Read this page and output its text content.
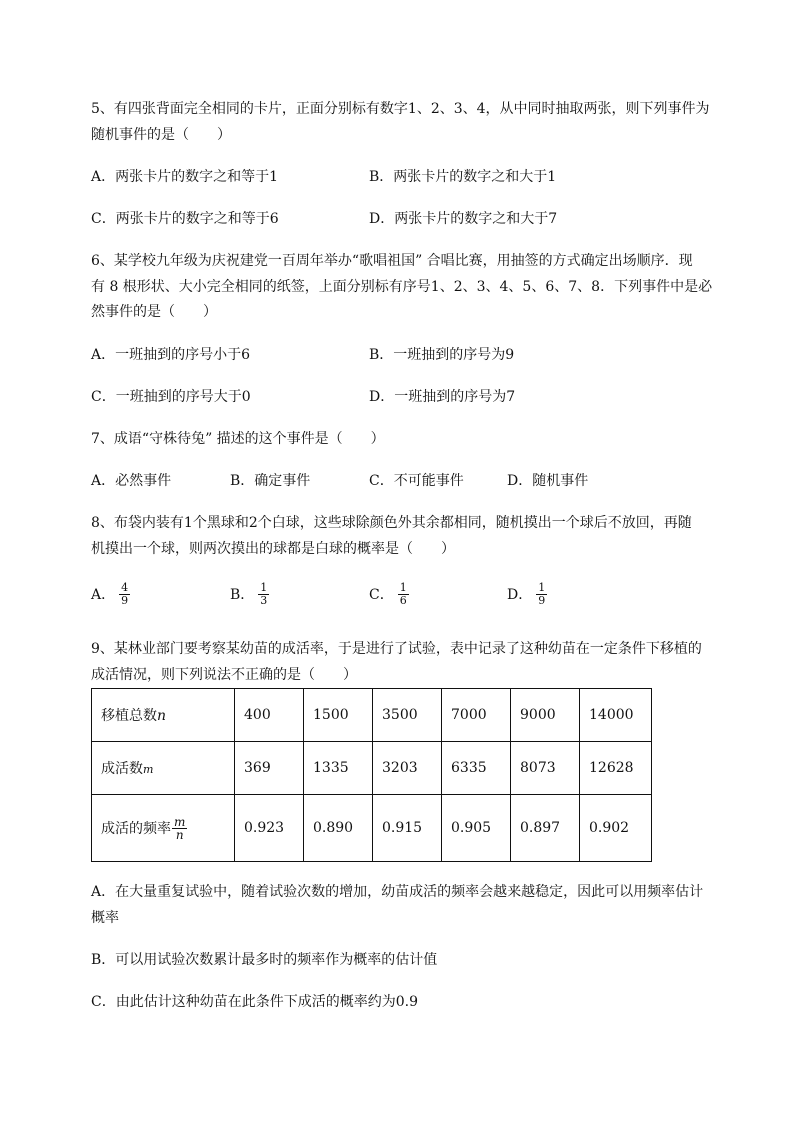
5、有四张背面完全相同的卡片，正面分别标有数字1、2、3、4，从中同时抽取两张，则下列事件为
随机事件的是（　　）
A．两张卡片的数字之和等于1	B．两张卡片的数字之和大于1
C．两张卡片的数字之和等于6	D．两张卡片的数字之和大于7
6、某学校九年级为庆祝建党一百周年举办“歌唱祖国” 合唱比赛，用抽签的方式确定出场顺序．现
有 8 根形状、大小完全相同的纸签，上面分别标有序号1、2、3、4、5、6、7、8．下列事件中是必
然事件的是（　　）
A．一班抽到的序号小于6	B．一班抽到的序号为9
C．一班抽到的序号大于0	D．一班抽到的序号为7
7、成语“守株待兔” 描述的这个事件是（　　）
A．必然事件	B．确定事件	C．不可能事件	D．随机事件
8、布袋内装有1个黑球和2个白球，这些球除颜色外其余都相同，随机摸出一个球后不放回，再随
机摸出一个球，则两次摸出的球都是白球的概率是（　　）
A． $\frac{4}{9}$	B． $\frac{1}{3}$	C． $\frac{1}{6}$	D． $\frac{1}{9}$
9、某林业部门要考察某幼苗的成活率，于是进行了试验，表中记录了这种幼苗在一定条件下移植的
成活情况，则下列说法不正确的是（　　）
移植总数n	400	1500	3500	7000	9000	14000
成活数m	369	1335	3203	6335	8073	12628

成活的频率 $\frac{m}{n}$	0.923	0.890	0.915	0.905	0.897	0.902
A．在大量重复试验中，随着试验次数的增加，幼苗成活的频率会越来越稳定，因此可以用频率估计
概率
B．可以用试验次数累计最多时的频率作为概率的估计值
C．由此估计这种幼苗在此条件下成活的概率约为0.9
